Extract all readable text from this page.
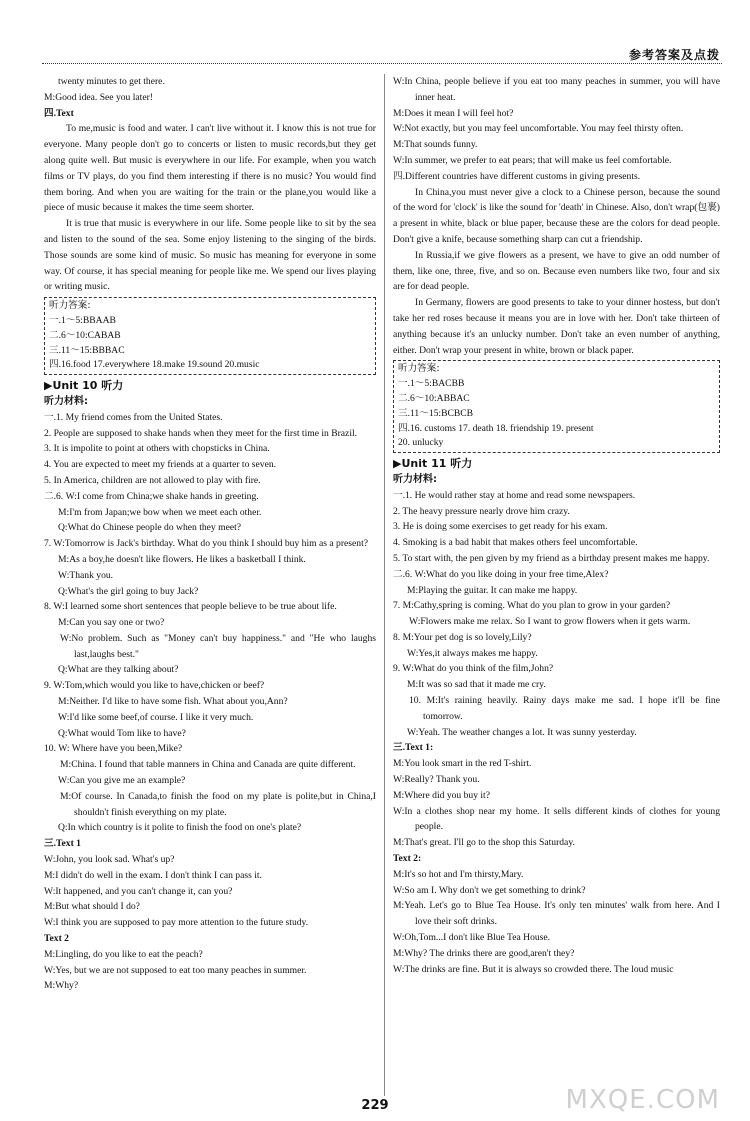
参考答案及点拨
twenty minutes to get there.
M:Good idea. See you later!
四.Text
To me,music is food and water. I can't live without it. I know this is not true for everyone. Many people don't go to concerts or listen to music records,but they get along quite well. But music is everywhere in our life. For example, when you watch films or TV plays, do you find them interesting if there is no music? You would find them boring. And when you are waiting for the train or the plane,you would like a piece of music because it makes the time seem shorter.
It is true that music is everywhere in our life. Some people like to sit by the sea and listen to the sound of the sea. Some enjoy listening to the singing of the birds. Those sounds are some kind of music. So music has meaning for everyone in some way. Of course, it has special meaning for people like me. We spend our lives playing or writing music.
听力答案:
一.1～5:BBAAB
二.6～10:CABAB
三.11～15:BBBAC
四.16.food 17.everywhere 18.make 19.sound 20.music
▶Unit 10 听力
听力材料:
一.1. My friend comes from the United States.
2. People are supposed to shake hands when they meet for the first time in Brazil.
3. It is impolite to point at others with chopsticks in China.
4. You are expected to meet my friends at a quarter to seven.
5. In America, children are not allowed to play with fire.
二.6. W:I come from China;we shake hands in greeting.
M:I'm from Japan;we bow when we meet each other.
Q:What do Chinese people do when they meet?
7. W:Tomorrow is Jack's birthday. What do you think I should buy him as a present?
M:As a boy,he doesn't like flowers. He likes a basketball I think.
W:Thank you.
Q:What's the girl going to buy Jack?
8. W:I learned some short sentences that people believe to be true about life.
M:Can you say one or two?
W:No problem. Such as "Money can't buy happiness." and "He who laughs last,laughs best."
Q:What are they talking about?
9. W:Tom,which would you like to have,chicken or beef?
M:Neither. I'd like to have some fish. What about you,Ann?
W:I'd like some beef,of course. I like it very much.
Q:What would Tom like to have?
10. W: Where have you been,Mike?
M:China. I found that table manners in China and Canada are quite different.
W:Can you give me an example?
M:Of course. In Canada,to finish the food on my plate is polite,but in China,I shouldn't finish everything on my plate.
Q:In which country is it polite to finish the food on one's plate?
三.Text 1
W:John, you look sad. What's up?
M:I didn't do well in the exam. I don't think I can pass it.
W:It happened, and you can't change it, can you?
M:But what should I do?
W:I think you are supposed to pay more attention to the future study.
Text 2
M:Lingling, do you like to eat the peach?
W:Yes, but we are not supposed to eat too many peaches in summer.
M:Why?
W:In China, people believe if you eat too many peaches in summer, you will have inner heat.
M:Does it mean I will feel hot?
W:Not exactly, but you may feel uncomfortable. You may feel thirsty often.
M:That sounds funny.
W:In summer, we prefer to eat pears; that will make us feel comfortable.
四.Different countries have different customs in giving presents.
In China,you must never give a clock to a Chinese person, because the sound of the word for 'clock' is like the sound for 'death' in Chinese. Also, don't wrap(包裹) a present in white, black or blue paper, because these are the colors for dead people. Don't give a knife, because something sharp can cut a friendship.
In Russia,if we give flowers as a present, we have to give an odd number of them, like one, three, five, and so on. Because even numbers like two, four and six are for dead people.
In Germany, flowers are good presents to take to your dinner hostess, but don't take her red roses because it means you are in love with her. Don't take thirteen of anything because it's an unlucky number. Don't take an even number of anything, either. Don't wrap your present in white, brown or black paper.
听力答案:
一.1～5:BACBB
二.6～10:ABBAC
三.11～15:BCBCB
四.16. customs 17. death 18. friendship 19. present
20. unlucky
▶Unit 11 听力
听力材料:
一.1. He would rather stay at home and read some newspapers.
2. The heavy pressure nearly drove him crazy.
3. He is doing some exercises to get ready for his exam.
4. Smoking is a bad habit that makes others feel uncomfortable.
5. To start with, the pen given by my friend as a birthday present makes me happy.
二.6. W:What do you like doing in your free time,Alex?
M:Playing the guitar. It can make me happy.
7. M:Cathy,spring is coming. What do you plan to grow in your garden?
W:Flowers make me relax. So I want to grow flowers when it gets warm.
8. M:Your pet dog is so lovely,Lily?
W:Yes,it always makes me happy.
9. W:What do you think of the film,John?
M:It was so sad that it made me cry.
10. M:It's raining heavily. Rainy days make me sad. I hope it'll be fine tomorrow.
W:Yeah. The weather changes a lot. It was sunny yesterday.
三.Text 1:
M:You look smart in the red T-shirt.
W:Really? Thank you.
M:Where did you buy it?
W:In a clothes shop near my home. It sells different kinds of clothes for young people.
M:That's great. I'll go to the shop this Saturday.
Text 2:
M:It's so hot and I'm thirsty,Mary.
W:So am I. Why don't we get something to drink?
M:Yeah. Let's go to Blue Tea House. It's only ten minutes' walk from here. And I love their soft drinks.
W:Oh,Tom...I don't like Blue Tea House.
M:Why? The drinks there are good,aren't they?
W:The drinks are fine. But it is always so crowded there. The loud music
229	MXQE.COM
